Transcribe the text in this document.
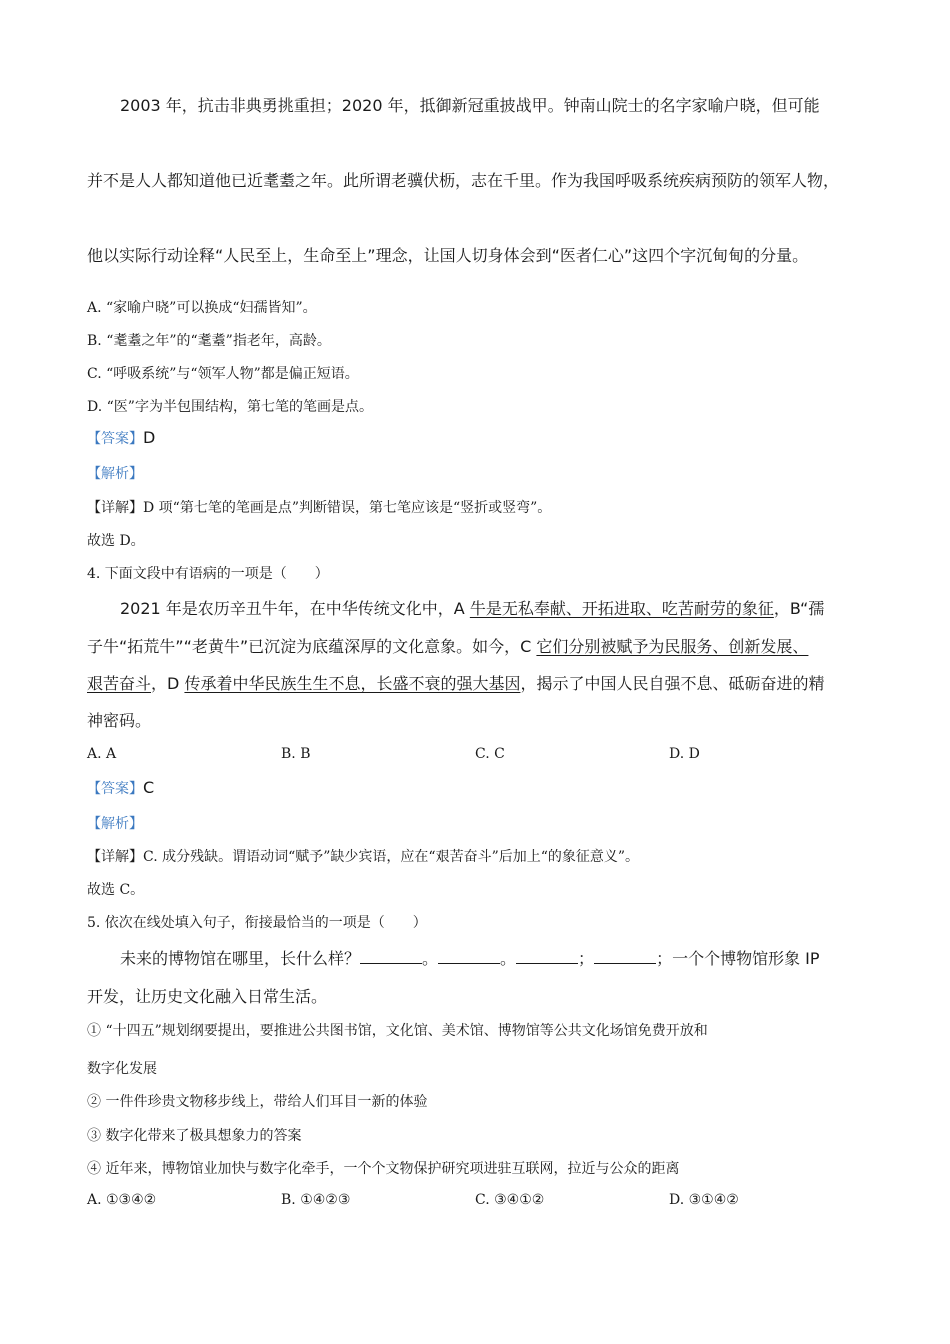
2003 年，抗击非典勇挑重担；2020 年，抵御新冠重披战甲。钟南山院士的名字家喻户晓，但可能
并不是人人都知道他已近耄耋之年。此所谓老骥伏枥，志在千里。作为我国呼吸系统疾病预防的领军人物，
他以实际行动诠释“人民至上，生命至上”理念，让国人切身体会到“医者仁心”这四个字沉甸甸的分量。
A. “家喻户晓”可以换成“妇孺皆知”。
B. “耄耋之年”的“耄耋”指老年，高龄。
C. “呼吸系统”与“领军人物”都是偏正短语。
D. “医”字为半包围结构，第七笔的笔画是点。
【答案】D
【解析】
【详解】D 项“第七笔的笔画是点”判断错误，第七笔应该是“竖折或竖弯”。
故选 D。
4. 下面文段中有语病的一项是（　　）
2021 年是农历辛丑牛年，在中华传统文化中，A 牛是无私奉献、开拓进取、吃苦耐劳的象征，B“孺
子牛“拓荒牛”“老黄牛”已沉淀为底蕴深厚的文化意象。如今，C 它们分别被赋予为民服务、创新发展、
艰苦奋斗，D 传承着中华民族生生不息，长盛不衰的强大基因，揭示了中国人民自强不息、砥砺奋进的精
神密码。
A. A	B. B	C. C	D. D
【答案】C
【解析】
【详解】C. 成分残缺。谓语动词“赋予”缺少宾语，应在“艰苦奋斗”后加上“的象征意义”。
故选 C。
5. 依次在线处填入句子，衔接最恰当的一项是（　　）
未来的博物馆在哪里，长什么样？	。	。	；	；一个个博物馆形象 IP
开发，让历史文化融入日常生活。
① “十四五”规划纲要提出，要推进公共图书馆，文化馆、美术馆、博物馆等公共文化场馆免费开放和
数字化发展
② 一件件珍贵文物移步线上，带给人们耳目一新的体验
③ 数字化带来了极具想象力的答案
④ 近年来，博物馆业加快与数字化牵手，一个个文物保护研究项进驻互联网，拉近与公众的距离
A. ①③④②	B. ①④②③	C. ③④①②	D. ③①④②
